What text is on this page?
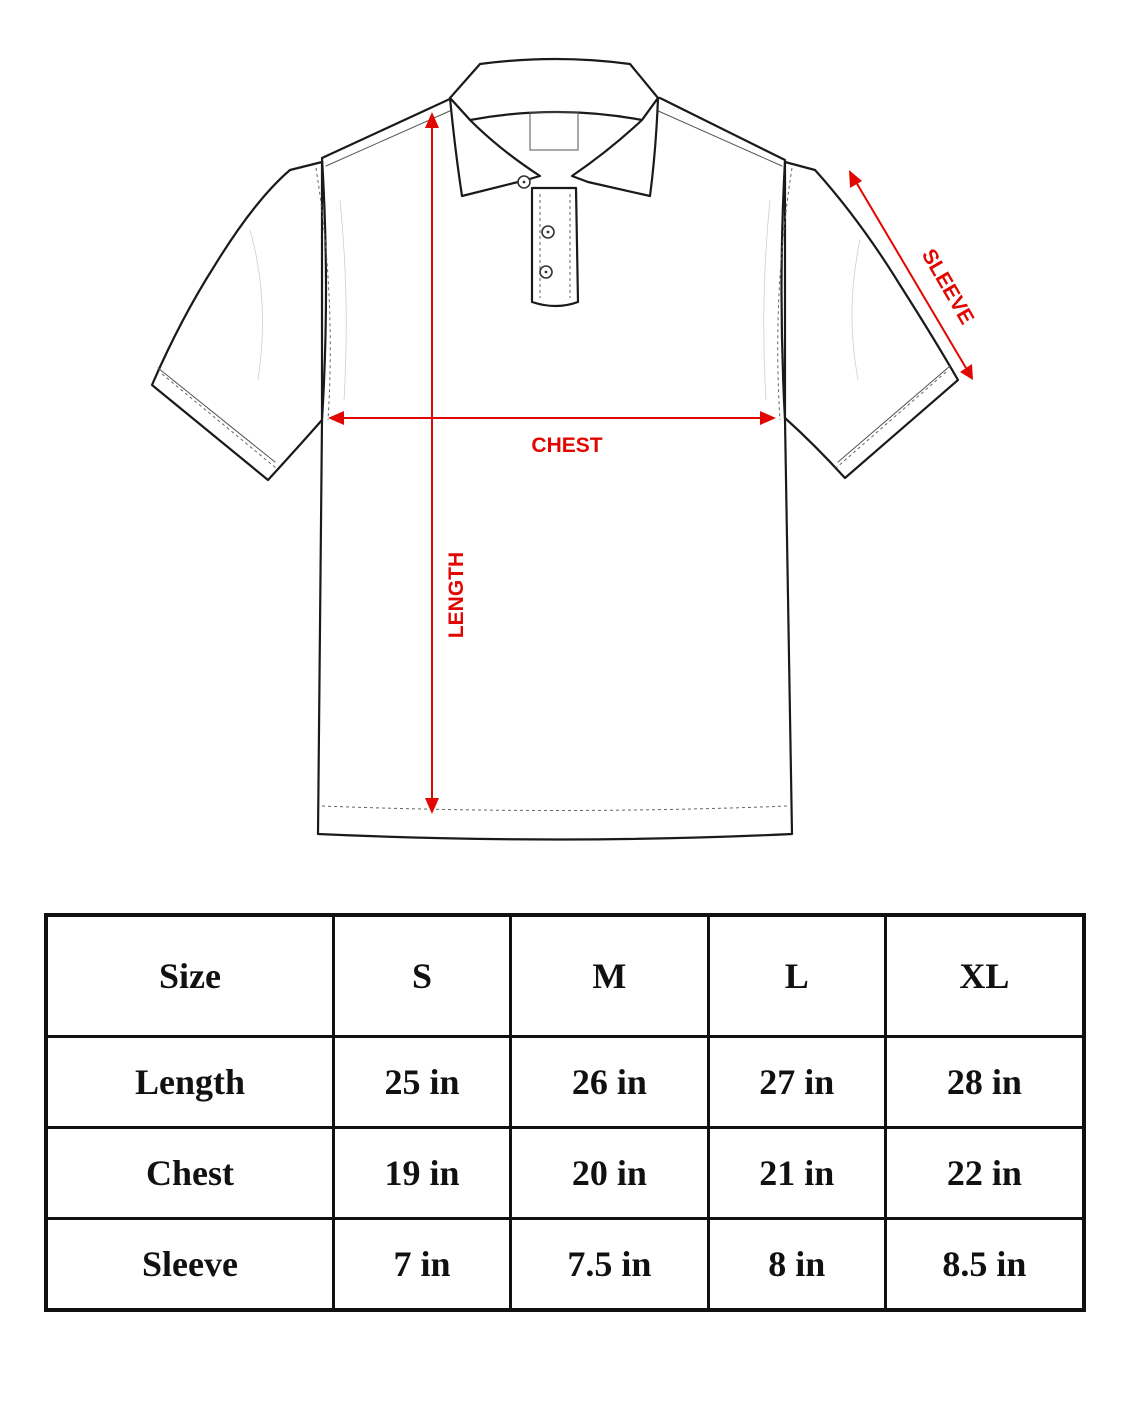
LENGTH
CHEST
SLEEVE
Size	S	M	L	XL
Length	25 in	26 in	27 in	28 in
Chest	19 in	20 in	21 in	22 in
Sleeve	7 in	7.5 in	8 in	8.5 in
